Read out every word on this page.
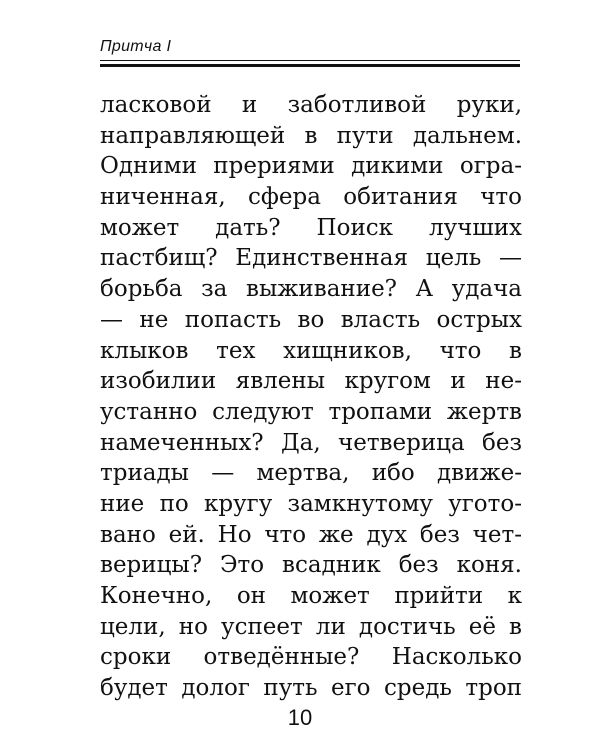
Притча I
ласковой и заботливой руки,
направляющей в пути дальнем.
Одними прериями дикими огра-
ниченная, сфера обитания что
может дать? Поиск лучших
пастбищ? Единственная цель —
борьба за выживание? А удача
— не попасть во власть острых
клыков тех хищников, что в
изобилии явлены кругом и не-
устанно следуют тропами жертв
намеченных? Да, четверица без
триады — мертва, ибо движе-
ние по кругу замкнутому угото-
вано ей. Но что же дух без чет-
верицы? Это всадник без коня.
Конечно, он может прийти к
цели, но успеет ли достичь её в
сроки отведённые? Насколько
будет долог путь его средь троп
10
